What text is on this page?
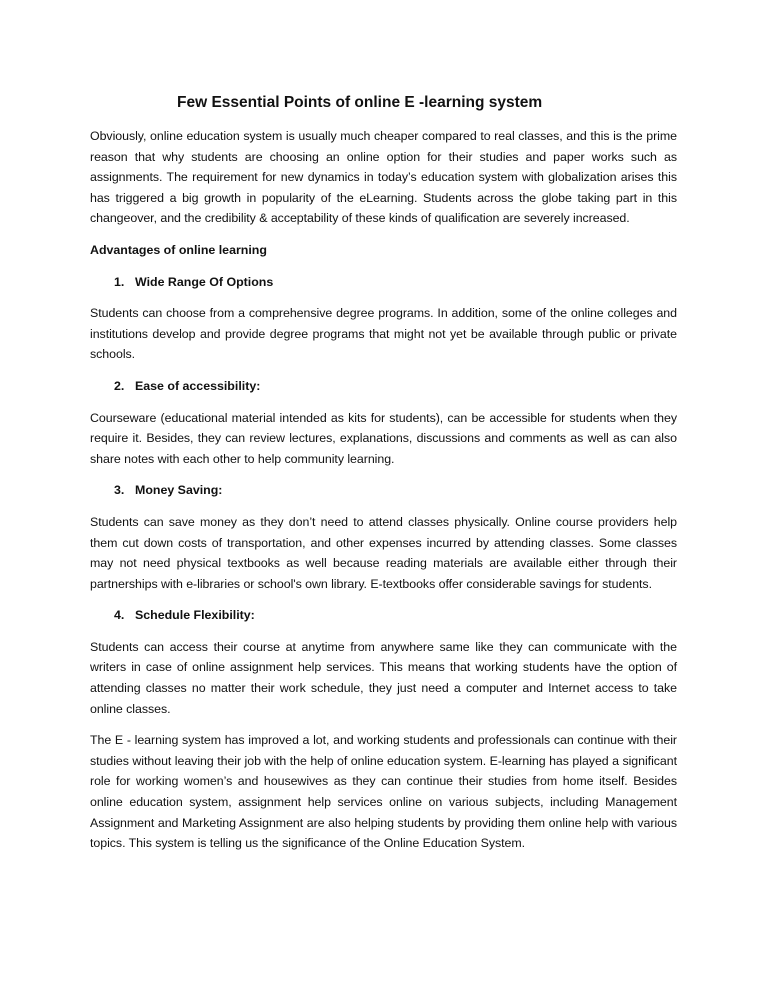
Few Essential Points of online E -learning system

Obviously, online education system is usually much cheaper compared to real classes, and this is the prime reason that why students are choosing an online option for their studies and paper works such as assignments. The requirement for new dynamics in today’s education system with globalization arises this has triggered a big growth in popularity of the eLearning. Students across the globe taking part in this changeover, and the credibility & acceptability of these kinds of qualification are severely increased.

Advantages of online learning

1. Wide Range Of Options

Students can choose from a comprehensive degree programs. In addition, some of the online colleges and institutions develop and provide degree programs that might not yet be available through public or private schools.

2. Ease of accessibility:

Courseware (educational material intended as kits for students), can be accessible for students when they require it. Besides, they can review lectures, explanations, discussions and comments as well as can also share notes with each other to help community learning.

3. Money Saving:

Students can save money as they don’t need to attend classes physically. Online course providers help them cut down costs of transportation, and other expenses incurred by attending classes. Some classes may not need physical textbooks as well because reading materials are available either through their partnerships with e-libraries or school's own library. E-textbooks offer considerable savings for students.

4. Schedule Flexibility:

Students can access their course at anytime from anywhere same like they can communicate with the writers in case of online assignment help services. This means that working students have the option of attending classes no matter their work schedule, they just need a computer and Internet access to take online classes.

The E - learning system has improved a lot, and working students and professionals can continue with their studies without leaving their job with the help of online education system. E-learning has played a significant role for working women’s and housewives as they can continue their studies from home itself. Besides online education system, assignment help services online on various subjects, including Management Assignment and Marketing Assignment are also helping students by providing them online help with various topics. This system is telling us the significance of the Online Education System.
